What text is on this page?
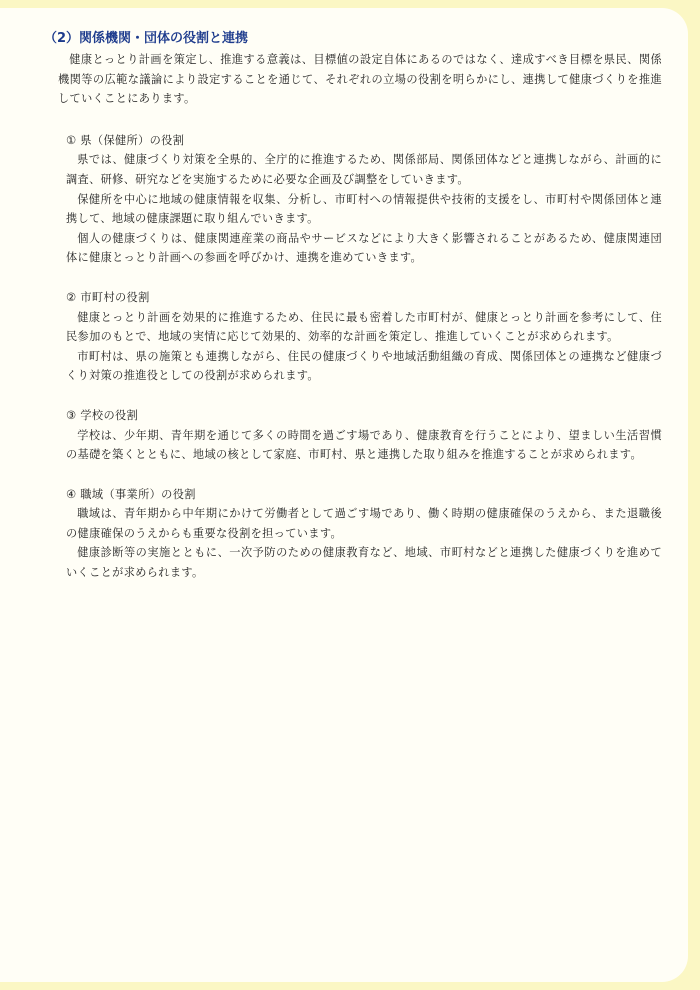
（2）関係機関・団体の役割と連携

健康とっとり計画を策定し、推進する意義は、目標値の設定自体にあるのではなく、達成すべき目標を県民、関係機関等の広範な議論により設定することを通じて、それぞれの立場の役割を明らかにし、連携して健康づくりを推進していくことにあります。

① 県（保健所）の役割

県では、健康づくり対策を全県的、全庁的に推進するため、関係部局、関係団体などと連携しながら、計画的に調査、研修、研究などを実施するために必要な企画及び調整をしていきます。

保健所を中心に地域の健康情報を収集、分析し、市町村への情報提供や技術的支援をし、市町村や関係団体と連携して、地域の健康課題に取り組んでいきます。

個人の健康づくりは、健康関連産業の商品やサービスなどにより大きく影響されることがあるため、健康関連団体に健康とっとり計画への参画を呼びかけ、連携を進めていきます。

② 市町村の役割

健康とっとり計画を効果的に推進するため、住民に最も密着した市町村が、健康とっとり計画を参考にして、住民参加のもとで、地域の実情に応じて効果的、効率的な計画を策定し、推進していくことが求められます。

市町村は、県の施策とも連携しながら、住民の健康づくりや地域活動組織の育成、関係団体との連携など健康づくり対策の推進役としての役割が求められます。

③ 学校の役割

学校は、少年期、青年期を通じて多くの時間を過ごす場であり、健康教育を行うことにより、望ましい生活習慣の基礎を築くとともに、地域の核として家庭、市町村、県と連携した取り組みを推進することが求められます。

④ 職域（事業所）の役割

職域は、青年期から中年期にかけて労働者として過ごす場であり、働く時期の健康確保のうえから、また退職後の健康確保のうえからも重要な役割を担っています。

健康診断等の実施とともに、一次予防のための健康教育など、地域、市町村などと連携した健康づくりを進めていくことが求められます。
